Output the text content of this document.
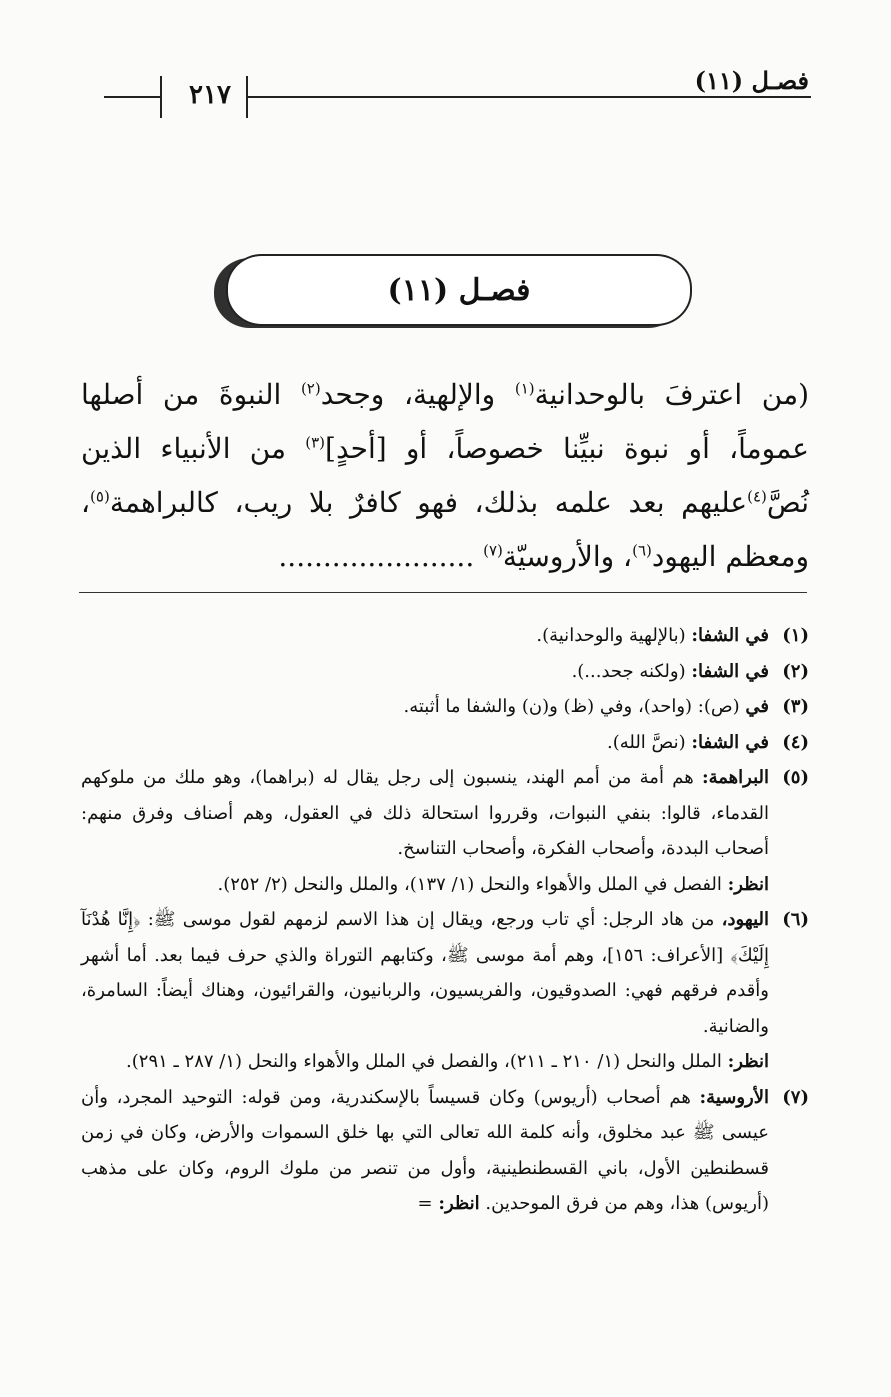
فصـل (١١)
٢١٧
فصـل (١١)

(من اعترفَ بالوحدانية$^{(١)}$ والإلهية، وجحد$^{(٢)}$ النبوةَ من أصلها عموماً، أو نبوة نبيِّنا خصوصاً، أو [أحدٍ]$^{(٣)}$ من الأنبياء الذين نُصَّ$^{(٤)}$عليهم بعد علمه بذلك، فهو كافرٌ بلا ريب، كالبراهمة$^{(٥)}$، ومعظم اليهود$^{(٦)}$، والأروسيّة$^{(٧)}$ ......................

(١)
في الشفا: (بالإلهية والوحدانية).
(٢)
في الشفا: (ولكنه جحد...).
(٣)
في (ص): (واحد)، وفي (ظ) و(ن) والشفا ما أثبته.
(٤)
في الشفا: (نصَّ الله).
(٥)
البراهمة: هم أمة من أمم الهند، ينسبون إلى رجل يقال له (براهما)، وهو ملك من ملوكهم القدماء، قالوا: بنفي النبوات، وقرروا استحالة ذلك في العقول، وهم أصناف وفرق منهم: أصحاب البددة، وأصحاب الفكرة، وأصحاب التناسخ.
انظر: الفصل في الملل والأهواء والنحل (١/ ١٣٧)، والملل والنحل (٢/ ٢٥٢).
(٦)
اليهود، من هاد الرجل: أي تاب ورجع، ويقال إن هذا الاسم لزمهم لقول موسى ﷺ: ﴿إِنَّا هُدْنَآ إِلَيْكَ﴾ [الأعراف: ١٥٦]، وهم أمة موسى ﷺ، وكتابهم التوراة والذي حرف فيما بعد. أما أشهر وأقدم فرقهم فهي: الصدوقيون، والفريسيون، والربانيون، والقرائيون، وهناك أيضاً: السامرة، والضانية.
انظر: الملل والنحل (١/ ٢١٠ ـ ٢١١)، والفصل في الملل والأهواء والنحل (١/ ٢٨٧ ـ ٢٩١).
(٧)
الأروسية: هم أصحاب (أريوس) وكان قسيساً بالإسكندرية، ومن قوله: التوحيد المجرد، وأن عيسى ﷺ عبد مخلوق، وأنه كلمة الله تعالى التي بها خلق السموات والأرض، وكان في زمن قسطنطين الأول، باني القسطنطينية، وأول من تنصر من ملوك الروم، وكان على مذهب (أريوس) هذا، وهم من فرق الموحدين. انظر: =
